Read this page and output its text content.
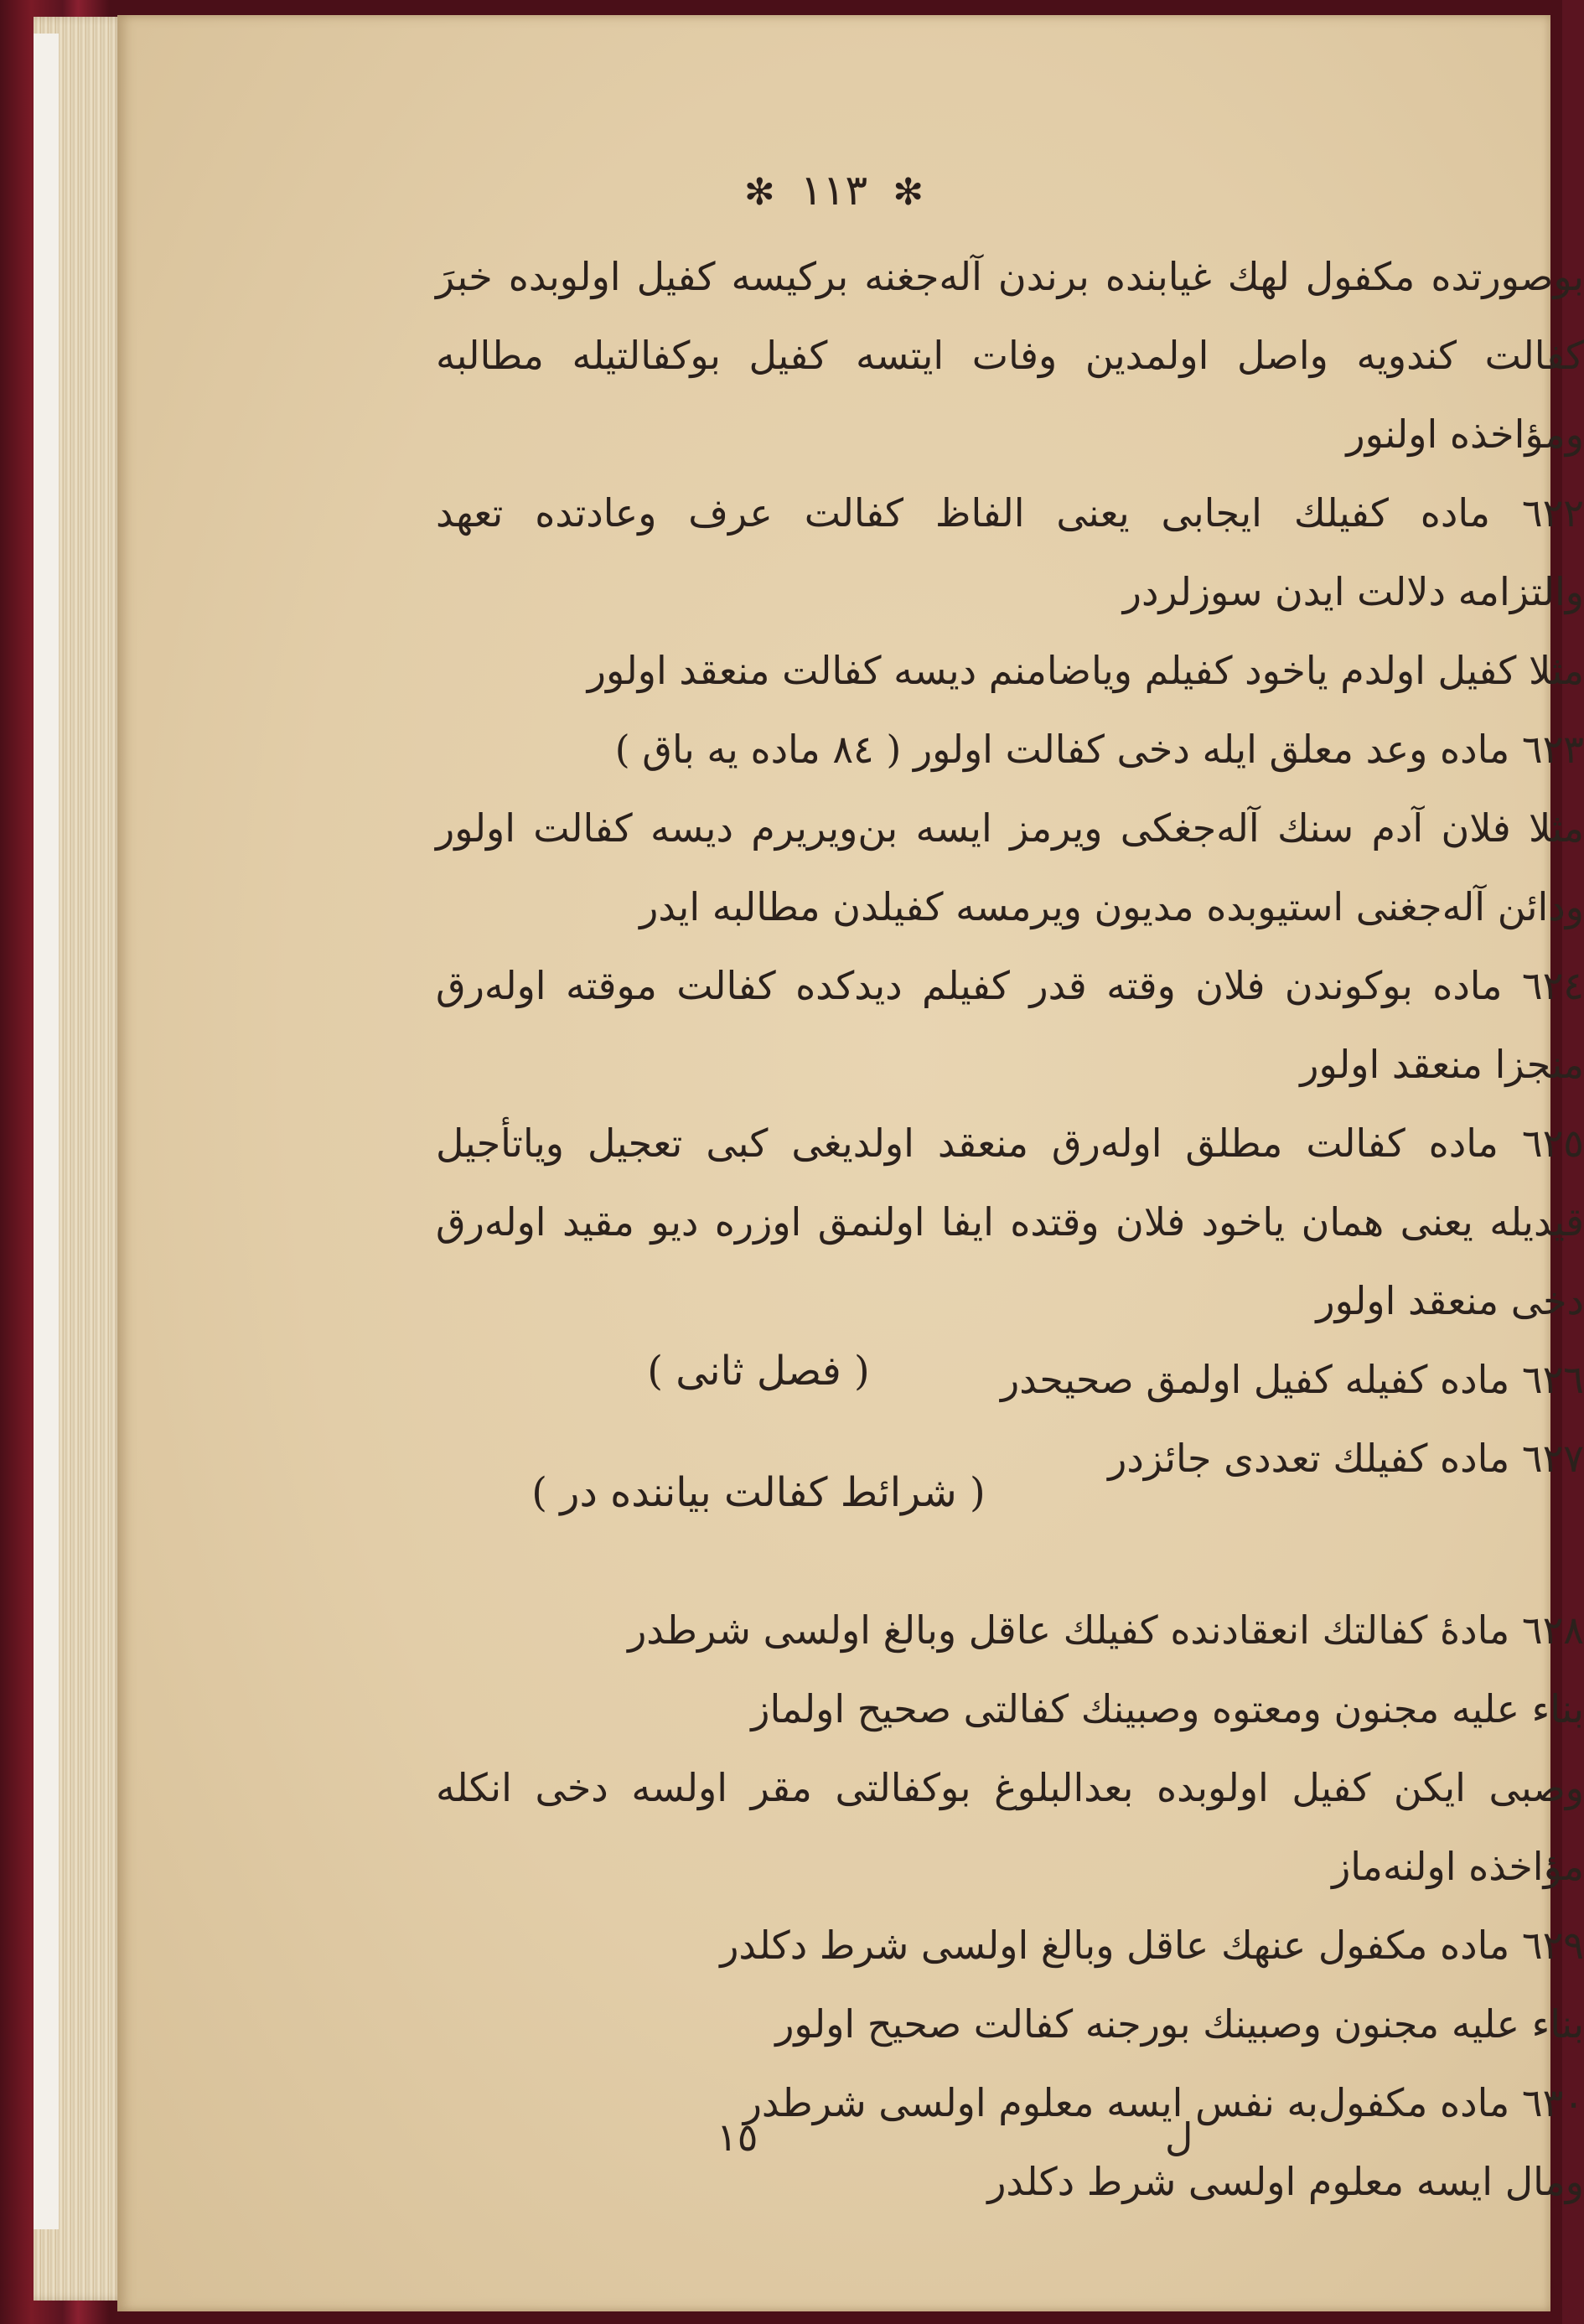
✻ ١١٣ ✻
بوصورتده مكفول لهك غيابنده برندن آله‌جغنه بركيسه كفيل اولوبده خبرَ
كفالت كندويه واصل اولمدين وفات ايتسه كفيل بوكفالتيله مطالبه
ومؤاخذه اولنور
٦٢٢ ماده كفيلك ايجابى يعنى الفاظ كفالت عرف وعادتده تعهد
والتزامه دلالت ايدن سوزلردر
مثلا كفيل اولدم ياخود كفيلم وياضامنم ديسه كفالت منعقد اولور
٦٢٣ ماده وعد معلق ايله دخى كفالت اولور ( ٨٤ ماده يه باق )
مثلا فلان آدم سنك آله‌جغكى ويرمز ايسه بن‌ويريرم ديسه كفالت اولور
ودائن آله‌جغنى استيوبده مديون ويرمسه كفيلدن مطالبه ايدر
٦٢٤ ماده بوكوندن فلان وقته قدر كفيلم ديدكده كفالت موقته اوله‌رق
منجزا منعقد اولور
٦٢٥ ماده كفالت مطلق اوله‌رق منعقد اولديغى كبى تعجيل وياتأجيل
قيديله يعنى همان ياخود فلان وقتده ايفا اولنمق اوزره ديو مقيد اوله‌رق
دخى منعقد اولور
٦٢٦ ماده كفيله كفيل اولمق صحيحدر
٦٢٧ ماده كفيلك تعددى جائزدر
( فصل ثانى )
( شرائط كفالت بياننده در )
٦٢٨ مادهٔ كفالتك انعقادنده كفيلك عاقل وبالغ اولسى شرطدر
بناء عليه مجنون ومعتوه وصبينك كفالتى صحيح اولماز
وصبى ايكن كفيل اولوبده بعدالبلوغ بوكفالتى مقر اولسه دخى انكله
مؤاخذه اولنه‌ماز
٦٢٩ ماده مكفول عنهك عاقل وبالغ اولسى شرط دكلدر
بناء عليه مجنون وصبينك بورجنه كفالت صحيح اولور
٦٣٠ ماده مكفول‌به نفس ايسه معلوم اولسى شرطدر
ومال ايسه معلوم اولسى شرط دكلدر
١٥	ل
